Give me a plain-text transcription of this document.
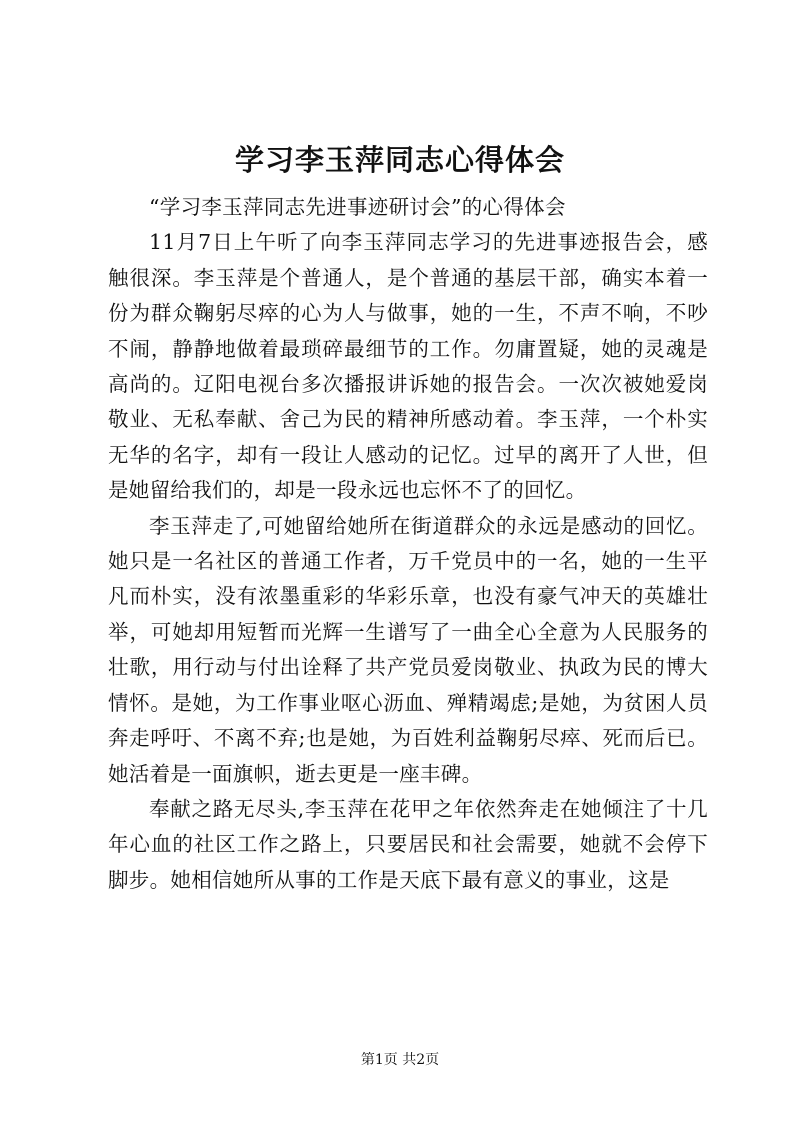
学习李玉萍同志心得体会

“学习李玉萍同志先进事迹研讨会”的心得体会

11月7日上午听了向李玉萍同志学习的先进事迹报告会，感触很深。李玉萍是个普通人，是个普通的基层干部，确实本着一份为群众鞠躬尽瘁的心为人与做事，她的一生，不声不响，不吵不闹，静静地做着最琐碎最细节的工作。勿庸置疑，她的灵魂是高尚的。辽阳电视台多次播报讲诉她的报告会。一次次被她爱岗敬业、无私奉献、舍己为民的精神所感动着。李玉萍，一个朴实无华的名字，却有一段让人感动的记忆。过早的离开了人世，但是她留给我们的，却是一段永远也忘怀不了的回忆。

李玉萍走了,可她留给她所在街道群众的永远是感动的回忆。她只是一名社区的普通工作者，万千党员中的一名，她的一生平凡而朴实，没有浓墨重彩的华彩乐章，也没有豪气冲天的英雄壮举，可她却用短暂而光辉一生谱写了一曲全心全意为人民服务的壮歌，用行动与付出诠释了共产党员爱岗敬业、执政为民的博大情怀。是她，为工作事业呕心沥血、殚精竭虑;是她，为贫困人员奔走呼吁、不离不弃;也是她，为百姓利益鞠躬尽瘁、死而后已。她活着是一面旗帜，逝去更是一座丰碑。

奉献之路无尽头,李玉萍在花甲之年依然奔走在她倾注了十几年心血的社区工作之路上，只要居民和社会需要，她就不会停下脚步。她相信她所从事的工作是天底下最有意义的事业，这是

第1页 共2页
